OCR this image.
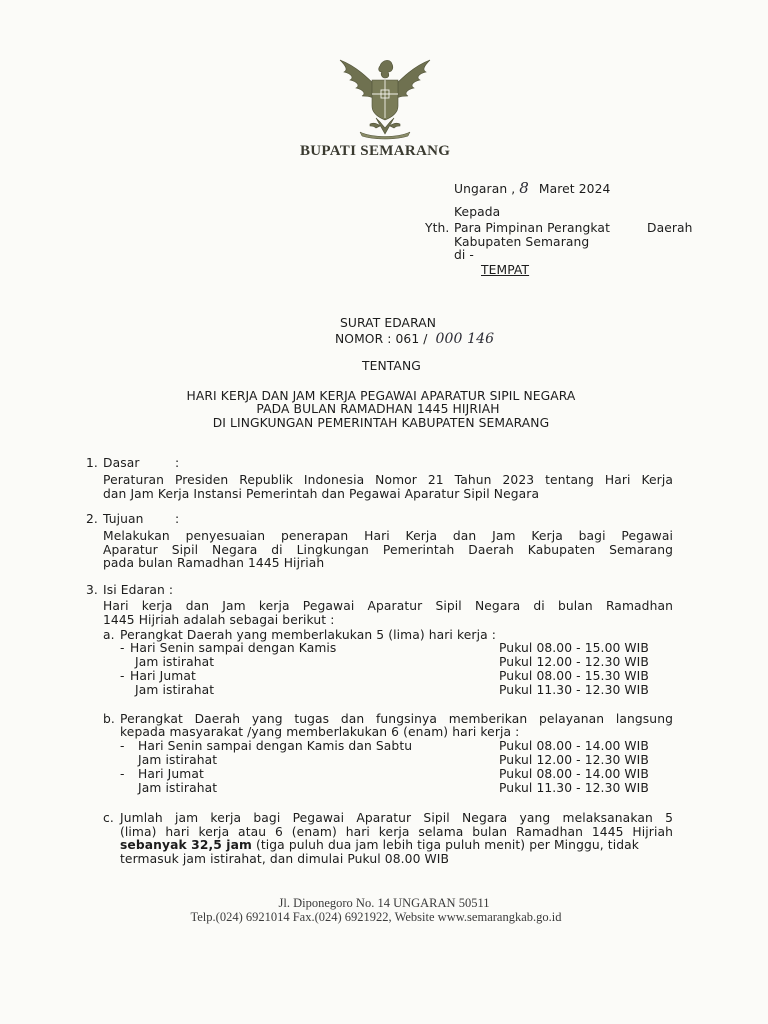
BUPATI SEMARANG
Ungaran , 8 Maret 2024
Kepada
Yth. Para Pimpinan Perangkat	Daerah
Kabupaten Semarang
di -
TEMPAT
SURAT EDARAN
NOMOR : 061 / 000 146
TENTANG
HARI KERJA DAN JAM KERJA PEGAWAI APARATUR SIPIL NEGARA
PADA BULAN RAMADHAN 1445 HIJRIAH
DI LINGKUNGAN PEMERINTAH KABUPATEN SEMARANG
1. Dasar	:
Peraturan Presiden Republik Indonesia Nomor 21 Tahun 2023 tentang Hari Kerja
dan Jam Kerja Instansi Pemerintah dan Pegawai Aparatur Sipil Negara
2. Tujuan	:
Melakukan penyesuaian penerapan Hari Kerja dan Jam Kerja bagi Pegawai
Aparatur Sipil Negara di Lingkungan Pemerintah Daerah Kabupaten Semarang
pada bulan Ramadhan 1445 Hijriah
3. Isi Edaran :
Hari kerja dan Jam kerja Pegawai Aparatur Sipil Negara di bulan Ramadhan
1445 Hijriah adalah sebagai berikut :
a. Perangkat Daerah yang memberlakukan 5 (lima) hari kerja :
- Hari Senin sampai dengan Kamis	Pukul 08.00 - 15.00 WIB
Jam istirahat	Pukul 12.00 - 12.30 WIB
- Hari Jumat	Pukul 08.00 - 15.30 WIB
Jam istirahat	Pukul 11.30 - 12.30 WIB
b. Perangkat Daerah yang tugas dan fungsinya memberikan pelayanan langsung
kepada masyarakat /yang memberlakukan 6 (enam) hari kerja :
- Hari Senin sampai dengan Kamis dan Sabtu	Pukul 08.00 - 14.00 WIB
Jam istirahat	Pukul 12.00 - 12.30 WIB
- Hari Jumat	Pukul 08.00 - 14.00 WIB
Jam istirahat	Pukul 11.30 - 12.30 WIB
c. Jumlah jam kerja bagi Pegawai Aparatur Sipil Negara yang melaksanakan 5
(lima) hari kerja atau 6 (enam) hari kerja selama bulan Ramadhan 1445 Hijriah
sebanyak 32,5 jam (tiga puluh dua jam lebih tiga puluh menit) per Minggu, tidak
termasuk jam istirahat, dan dimulai Pukul 08.00 WIB
Jl. Diponegoro No. 14 UNGARAN 50511
Telp.(024) 6921014 Fax.(024) 6921922, Website www.semarangkab.go.id
